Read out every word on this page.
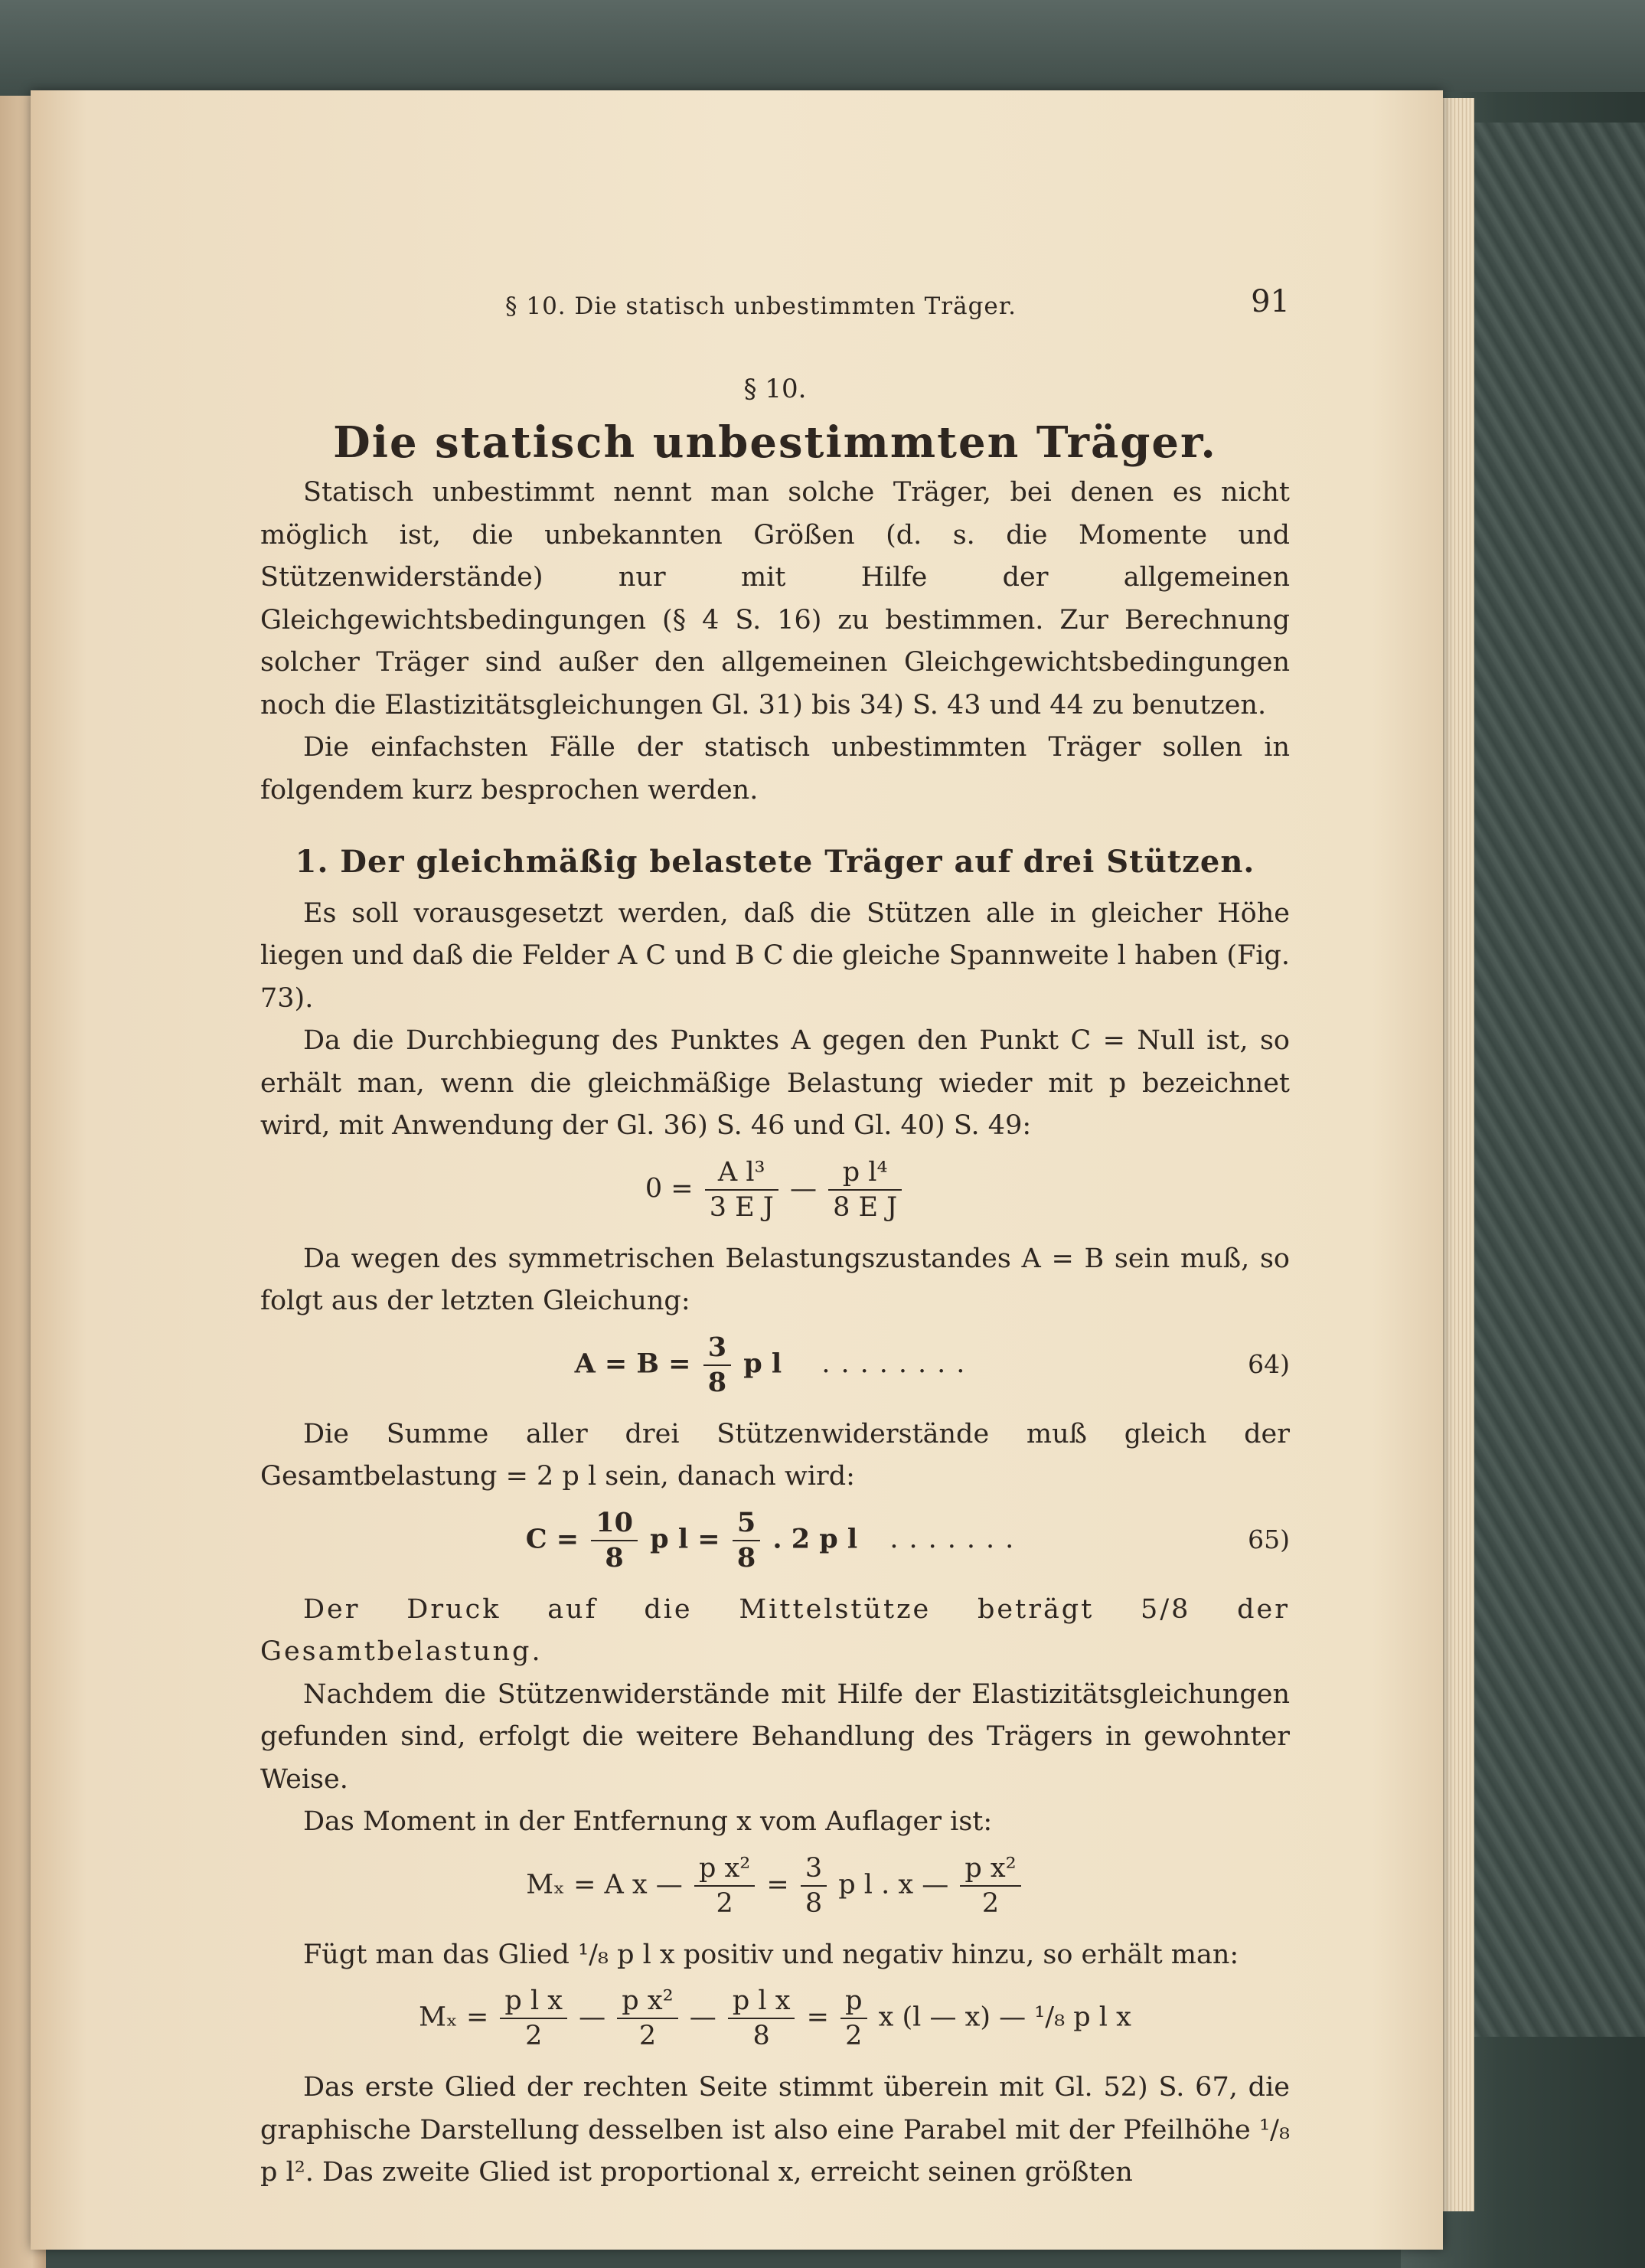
§ 10. Die statisch unbestimmten Träger.	91
§ 10.
Die statisch unbestimmten Träger.

Statisch unbestimmt nennt man solche Träger, bei denen es nicht möglich ist, die unbekannten Größen (d. s. die Momente und Stützenwiderstände) nur mit Hilfe der allgemeinen Gleichgewichtsbedingungen (§ 4 S. 16) zu bestimmen. Zur Berechnung solcher Träger sind außer den allgemeinen Gleichgewichtsbedingungen noch die Elastizitätsgleichungen Gl. 31) bis 34) S. 43 und 44 zu benutzen.

Die einfachsten Fälle der statisch unbestimmten Träger sollen in folgendem kurz besprochen werden.

1. Der gleichmäßig belastete Träger auf drei Stützen.

Es soll vorausgesetzt werden, daß die Stützen alle in gleicher Höhe liegen und daß die Felder A C und B C die gleiche Spannweite l haben (Fig. 73).

Da die Durchbiegung des Punktes A gegen den Punkt C = Null ist, so erhält man, wenn die gleichmäßige Belastung wieder mit p bezeichnet wird, mit Anwendung der Gl. 36) S. 46 und Gl. 40) S. 49:

$0 = \frac{\text{A l³}}{\text{3 E J}}$ — $\frac{\text{p l⁴}}{\text{8 E J}}$

Da wegen des symmetrischen Belastungszustandes A = B sein muß, so folgt aus der letzten Gleichung:

$A = B = \frac{3}{8}$ p l ........	64)

Die Summe aller drei Stützenwiderstände muß gleich der Gesamtbelastung = 2 p l sein, danach wird:

$C = \frac{10}{8}$ p $l = \frac{5}{8}$ . 2 p l .......	65)

Der Druck auf die Mittelstütze beträgt 5/8 der Gesamtbelastung.

Nachdem die Stützenwiderstände mit Hilfe der Elastizitätsgleichungen gefunden sind, erfolgt die weitere Behandlung des Trägers in gewohnter Weise.

Das Moment in der Entfernung x vom Auflager ist:

Mₓ = A x — $\frac{\text{p x²}}{2} = \frac{3}{8}$ p l . x — $\frac{\text{p x²}}{2}$

Fügt man das Glied ¹/₈ p l x positiv und negativ hinzu, so erhält man:

$M_x = \frac{\text{p l x}}{2}$ — $\frac{\text{p x²}}{2}$ — $\frac{\text{p l x}}{8} = \frac{p}{2}$ x (l — x) — ¹/₈ p l x

Das erste Glied der rechten Seite stimmt überein mit Gl. 52) S. 67, die graphische Darstellung desselben ist also eine Parabel mit der Pfeilhöhe ¹/₈ p l². Das zweite Glied ist proportional x, erreicht seinen größten
